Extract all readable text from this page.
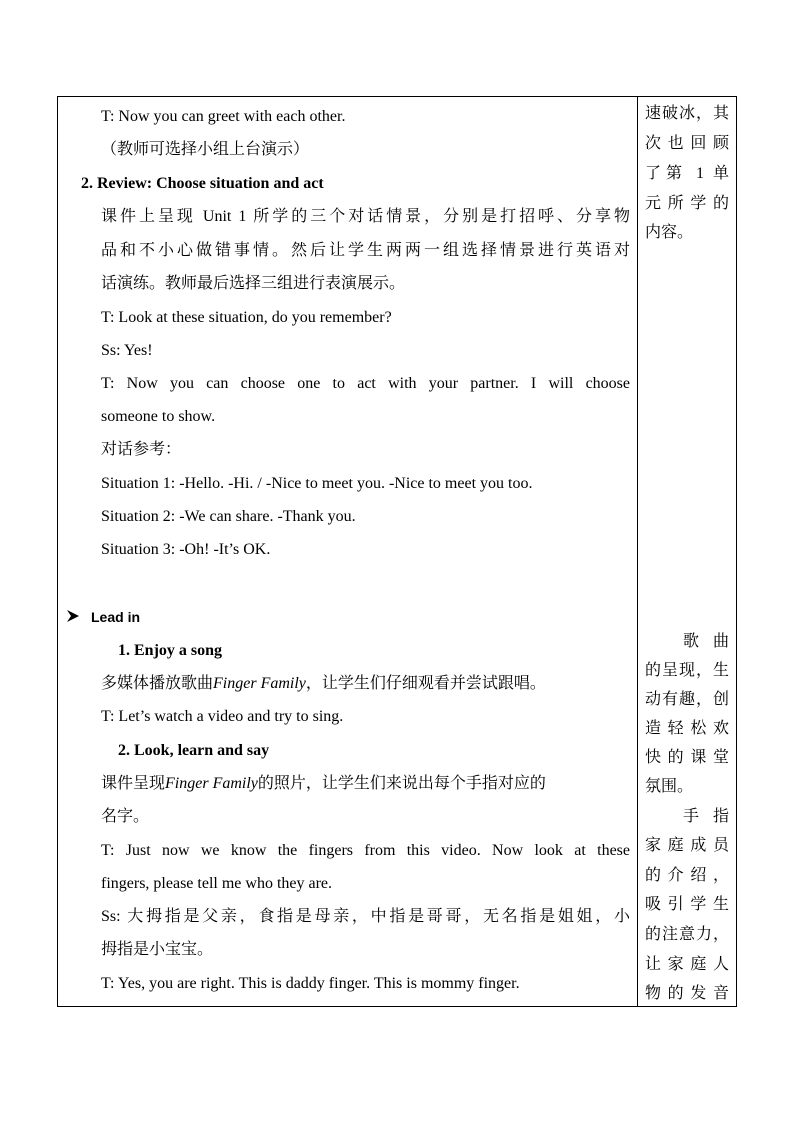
T: Now you can greet with each other.
（教师可选择小组上台演示）
2. Review: Choose situation and act
课件上呈现 Unit 1 所学的三个对话情景，分别是打招呼、分享物
品和不小心做错事情。然后让学生两两一组选择情景进行英语对
话演练。教师最后选择三组进行表演展示。
T: Look at these situation, do you remember?
Ss: Yes!
T: Now you can choose one to act with your partner. I will choose
someone to show.
对话参考：
Situation 1: -Hello. -Hi. / -Nice to meet you. -Nice to meet you too.
Situation 2: -We can share. -Thank you.
Situation 3: -Oh! -It’s OK.
Lead in
1. Enjoy a song
多媒体播放歌曲Finger Family，让学生们仔细观看并尝试跟唱。
T: Let’s watch a video and try to sing.
2. Look, learn and say
课件呈现Finger Family的照片，让学生们来说出每个手指对应的
名字。
T: Just now we know the fingers from this video. Now look at these
fingers, please tell me who they are.
Ss: 大拇指是父亲，食指是母亲，中指是哥哥，无名指是姐姐，小
拇指是小宝宝。
T: Yes, you are right. This is daddy finger. This is mommy finger.
速破冰，其
次也回顾
了第 1 单
元所学的
内容。
歌曲
的呈现，生
动有趣，创
造轻松欢
快的课堂
氛围。
手指
家庭成员
的介绍，
吸引学生
的注意力，
让家庭人
物的发音
